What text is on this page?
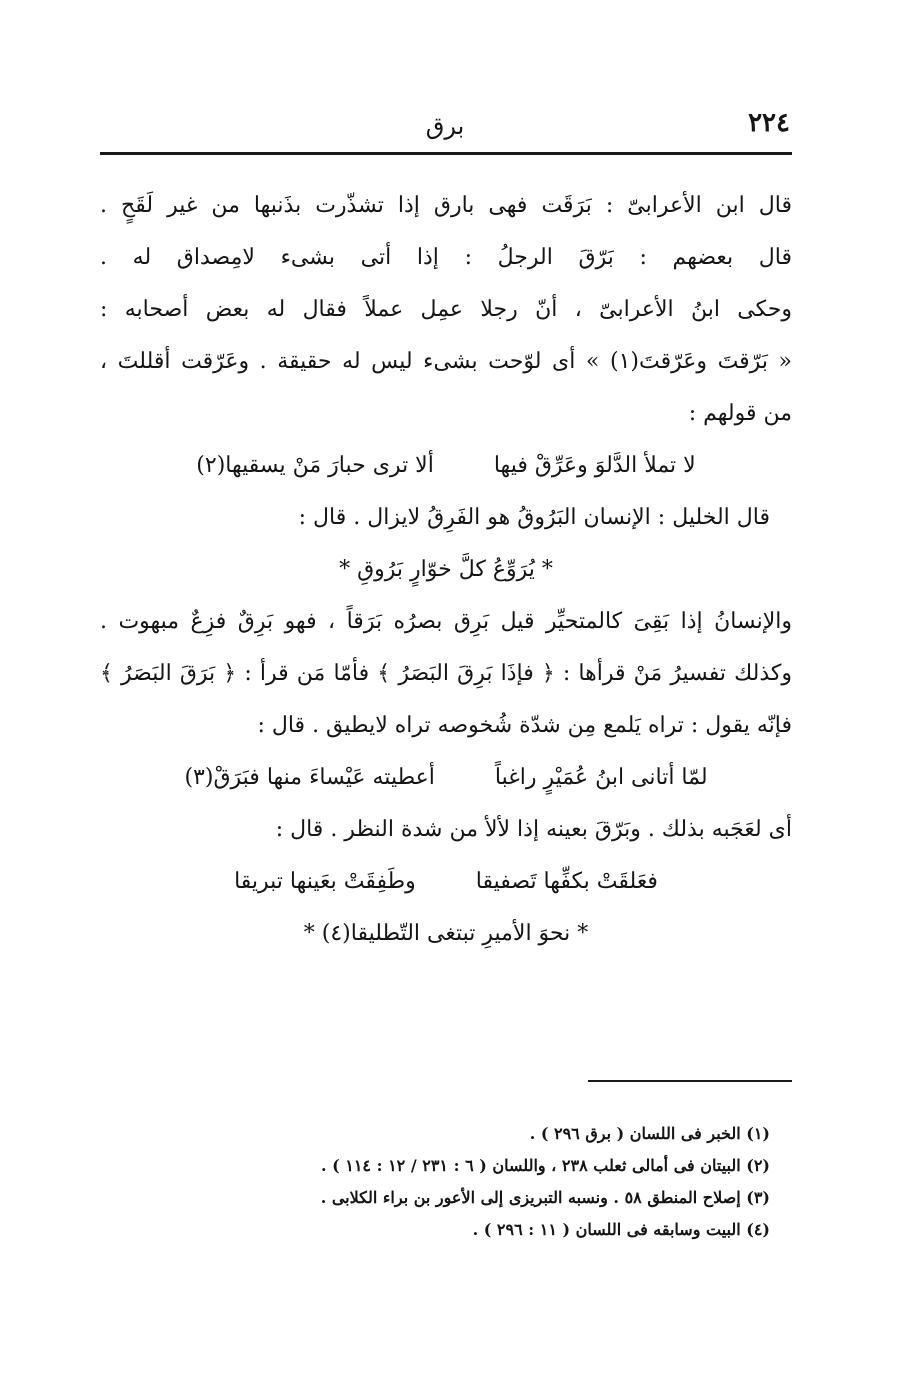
٢٢٤
برق
قال ابن الأعرابىّ : بَرَقَت فهى بارق إذا تشذّرت بذَنبها من غير لَقَحٍ .
قال بعضهم : بَرّقَ الرجلُ : إذا أتى بشىء لامِصداق له .
وحكى ابنُ الأعرابىّ ، أنّ رجلا عمِل عملاً فقال له بعض أصحابه :
« بَرّقتَ وعَرّقتَ(١) » أى لوّحت بشىء ليس له حقيقة . وعَرّقت أقللتَ ،
من قولهم :
لا تملأ الدَّلوَ وعَرِّقْ فيها
ألا ترى حبارَ مَنْ يسقيها(٢)
قال الخليل : الإنسان البَرُوقُ هو الفَرِقُ لايزال . قال :
* يُرَوِّعُ كلَّ خوّارٍ بَرُوقِ *
والإنسانُ إذا بَقِىَ كالمتحيِّر قيل بَرِق بصرُه بَرَقاً ، فهو بَرِقٌ فزِعٌ مبهوت .
وكذلك تفسيرُ مَنْ قرأها : ﴿ فإذَا بَرِقَ البَصَرُ ﴾ فأمّا مَن قرأ : ﴿ بَرَقَ البَصَرُ ﴾
فإنّه يقول : تراه يَلمع مِن شدّة شُخوصه تراه لايطيق . قال :
لمّا أتانى ابنُ عُمَيْرٍ راغباً
أعطيته عَيْساءَ منها فبَرَقْ(٣)
أى لعَجَبه بذلك . وبَرّقَ بعينه إذا لألأ من شدة النظر . قال :
فعَلقَتْ بكفِّها تَصفيقا
وطَفِقَتْ بعَينها تبريقا
* نحوَ الأميرِ تبتغى التّطليقا(٤) *
(١) الخبر فى اللسان ( برق ٢٩٦ ) .
(٢) البيتان فى أمالى ثعلب ٢٣٨ ، واللسان ( ٦ : ٢٣١ / ١٢ : ١١٤ ) .
(٣) إصلاح المنطق ٥٨ . ونسبه التبريزى إلى الأعور بن براء الكلابى .
(٤) البيت وسابقه فى اللسان ( ١١ : ٢٩٦ ) .
